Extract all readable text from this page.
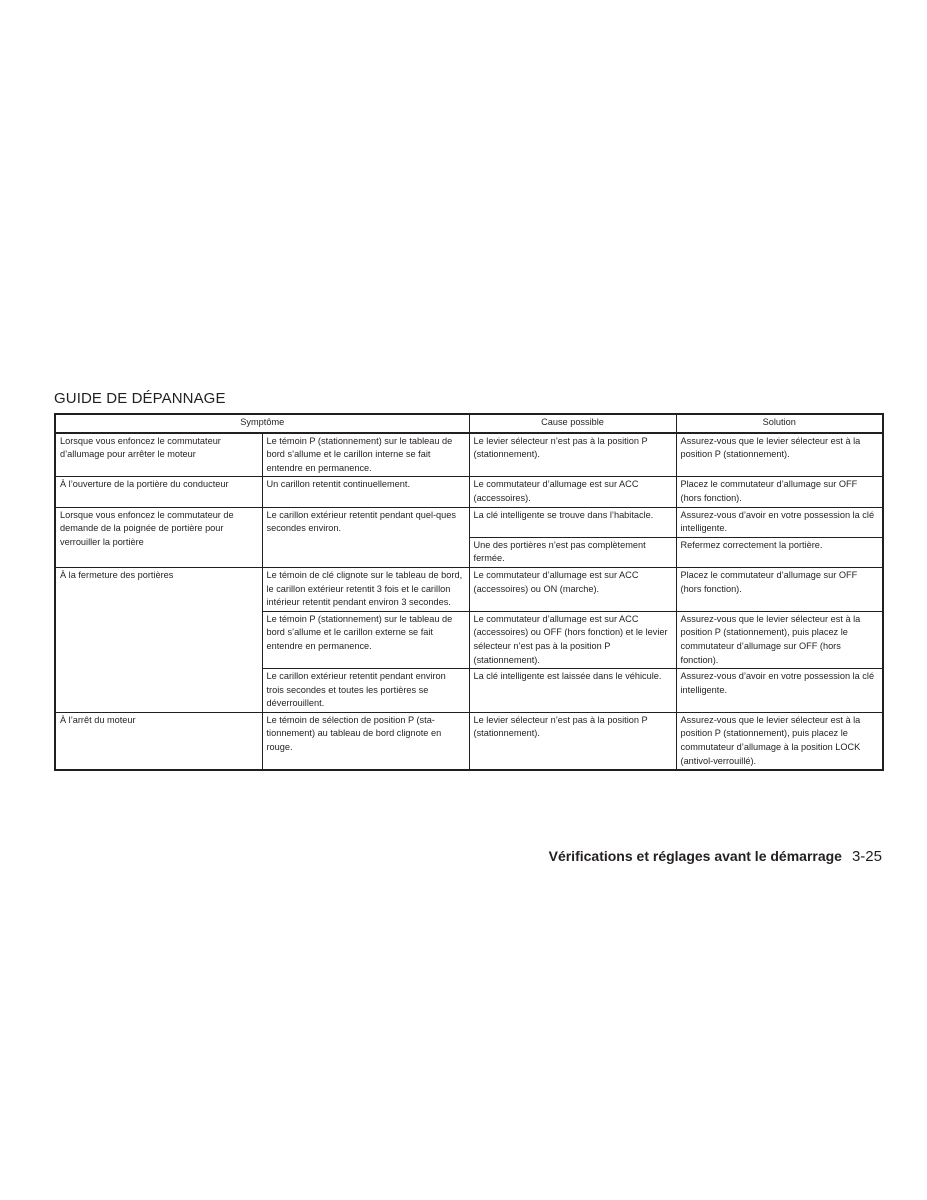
GUIDE DE DÉPANNAGE
Symptôme		Cause possible	Solution
Lorsque vous enfoncez le commutateur d’allumage pour arrêter le moteur	Le témoin P (stationnement) sur le tableau de bord s’allume et le carillon interne se fait entendre en permanence.	Le levier sélecteur n’est pas à la position P (stationnement).	Assurez-vous que le levier sélecteur est à la position P (stationnement).
À l’ouverture de la portière du conducteur	Un carillon retentit continuellement.	Le commutateur d’allumage est sur ACC (accessoires).	Placez le commutateur d’allumage sur OFF (hors fonction).
Lorsque vous enfoncez le commutateur de demande de la poignée de portière pour verrouiller la portière	Le carillon extérieur retentit pendant quel-ques secondes environ.	La clé intelligente se trouve dans l’habitacle.	Assurez-vous d’avoir en votre possession la clé intelligente.
		Une des portières n’est pas complètement fermée.	Refermez correctement la portière.
À la fermeture des portières	Le témoin de clé clignote sur le tableau de bord, le carillon extérieur retentit 3 fois et le carillon intérieur retentit pendant environ 3 secondes.	Le commutateur d’allumage est sur ACC (accessoires) ou ON (marche).	Placez le commutateur d’allumage sur OFF (hors fonction).
	Le témoin P (stationnement) sur le tableau de bord s’allume et le carillon externe se fait entendre en permanence.	Le commutateur d’allumage est sur ACC (accessoires) ou OFF (hors fonction) et le levier sélecteur n’est pas à la position P (stationnement).	Assurez-vous que le levier sélecteur est à la position P (stationnement), puis placez le commutateur d’allumage sur OFF (hors fonction).
	Le carillon extérieur retentit pendant environ trois secondes et toutes les portières se déverrouillent.	La clé intelligente est laissée dans le véhicule.	Assurez-vous d’avoir en votre possession la clé intelligente.
À l’arrêt du moteur	Le témoin de sélection de position P (sta-tionnement) au tableau de bord clignote en rouge.	Le levier sélecteur n’est pas à la position P (stationnement).	Assurez-vous que le levier sélecteur est à la position P (stationnement), puis placez le commutateur d’allumage à la position LOCK (antivol-verrouillé).
Vérifications et réglages avant le démarrage 3-25
